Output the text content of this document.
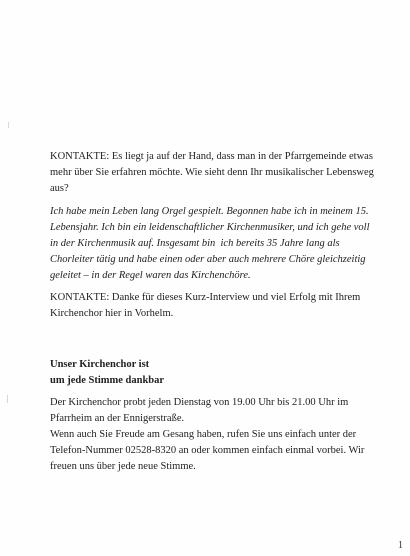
KONTAKTE: Es liegt ja auf der Hand, dass man in der Pfarrgemeinde etwas
mehr über Sie erfahren möchte. Wie sieht denn Ihr musikalischer Lebensweg
aus?
Ich habe mein Leben lang Orgel gespielt. Begonnen habe ich in meinem 15.
Lebensjahr. Ich bin ein leidenschaftlicher Kirchenmusiker, und ich gehe voll
in der Kirchenmusik auf. Insgesamt bin  ich bereits 35 Jahre lang als
Chorleiter tätig und habe einen oder aber auch mehrere Chöre gleichzeitig
geleitet – in der Regel waren das Kirchenchöre.
KONTAKTE: Danke für dieses Kurz-Interview und viel Erfolg mit Ihrem
Kirchenchor hier in Vorhelm.
Unser Kirchenchor ist
um jede Stimme dankbar
Der Kirchenchor probt jeden Dienstag von 19.00 Uhr bis 21.00 Uhr im
Pfarrheim an der Ennigerstraße.
Wenn auch Sie Freude am Gesang haben, rufen Sie uns einfach unter der
Telefon-Nummer 02528-8320 an oder kommen einfach einmal vorbei. Wir
freuen uns über jede neue Stimme.
1
